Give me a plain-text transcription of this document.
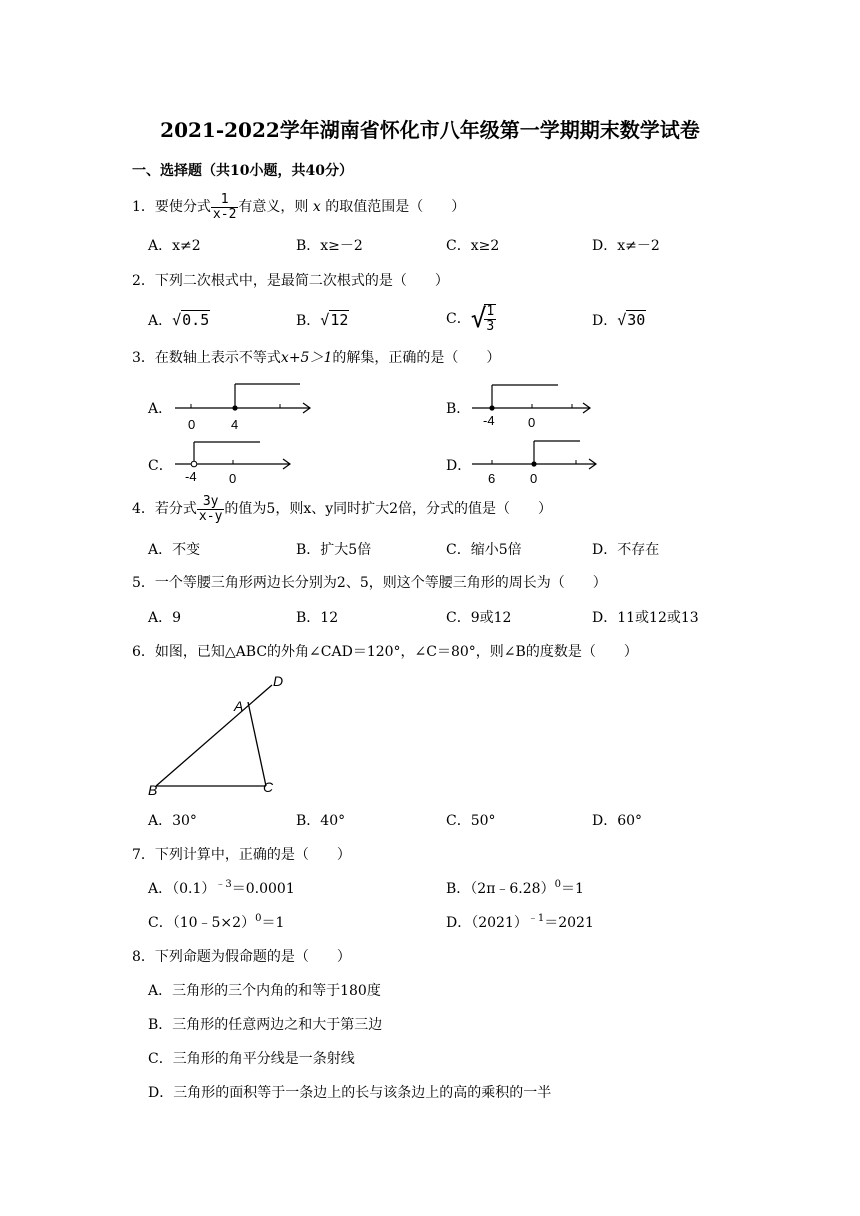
2021-2022学年湖南省怀化市八年级第一学期期末数学试卷
一、选择题（共10小题，共40分）
1．要使分式 $\frac{1}{x-2}$ 有意义，则 x 的取值范围是（　　）
A．x≠2	B．x≥－2	C．x≥2	D．x≠－2
2．下列二次根式中，是最简二次根式的是（　　）
A．√0.5	B．√12	C．√
$\frac{1}{3}$	D．√30
3．在数轴上表示不等式x+5＞1的解集，正确的是（　　）
A．
0	4
B．
-4	0
C．
-4 0
D．
6	0
4．若分式 $\frac{3y}{x-y}$ 的值为5，则x、y同时扩大2倍，分式的值是（　　）
A．不变	B．扩大5倍	C．缩小5倍	D．不存在
5．一个等腰三角形两边长分别为2、5，则这个等腰三角形的周长为（　　）
A．9	B．12	C．9或12	D．11或12或13
6．如图，已知△ABC的外角∠CAD＝120°，∠C＝80°，则∠B的度数是（　　）
D
A
B	C
A．30°	B．40°	C．50°	D．60°
7．下列计算中，正确的是（　　）
A．$(0.1)^{﹣3}=0.0001$	B．（2π﹣6.28）$^0$＝1
C．（10﹣5×2）$^0$＝1	D．$(2021)^{﹣1}=2021$
8．下列命题为假命题的是（　　）
A．三角形的三个内角的和等于180度
B．三角形的任意两边之和大于第三边
C．三角形的角平分线是一条射线
D．三角形的面积等于一条边上的长与该条边上的高的乘积的一半
